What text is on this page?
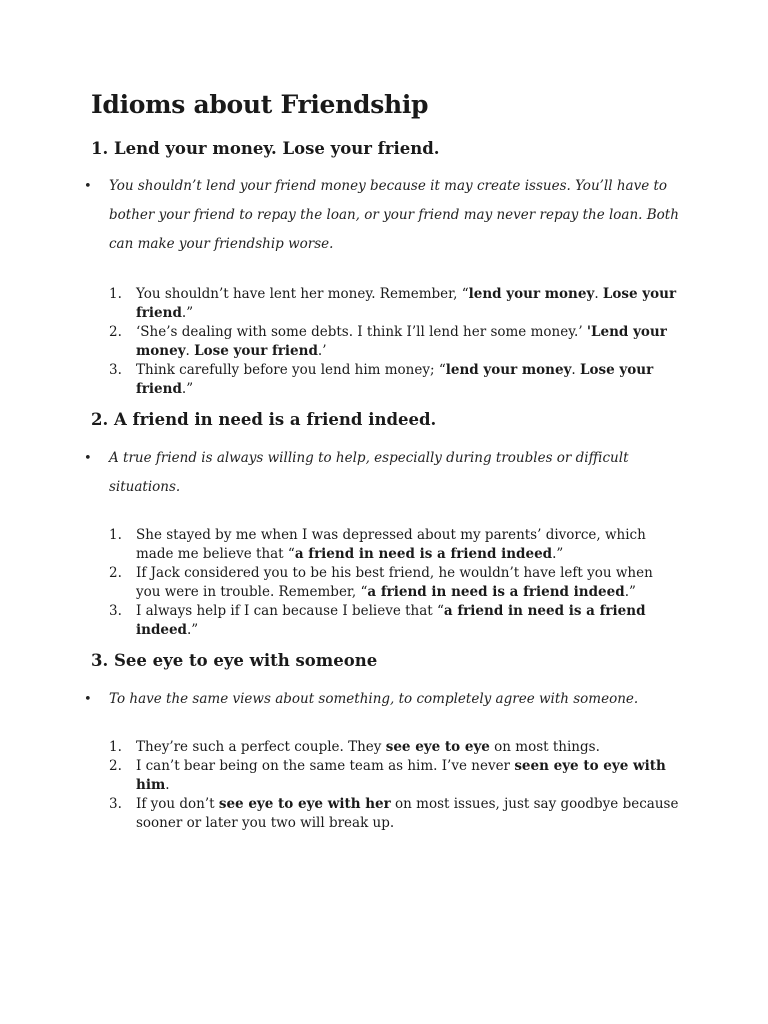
Idioms about Friendship
1. Lend your money. Lose your friend.
• You shouldn’t lend your friend money because it may create issues. You’ll have to bother your friend to repay the loan, or your friend may never repay the loan. Both can make your friendship worse.
1. You shouldn’t have lent her money. Remember, “lend your money. Lose your friend.”
2. ‘She’s dealing with some debts. I think I’ll lend her some money.’ 'Lend your money. Lose your friend.’
3. Think carefully before you lend him money; “lend your money. Lose your friend.”
2. A friend in need is a friend indeed.
• A true friend is always willing to help, especially during troubles or difficult situations.
1. She stayed by me when I was depressed about my parents’ divorce, which made me believe that “a friend in need is a friend indeed.”
2. If Jack considered you to be his best friend, he wouldn’t have left you when you were in trouble. Remember, “a friend in need is a friend indeed.”
3. I always help if I can because I believe that “a friend in need is a friend indeed.”
3. See eye to eye with someone
• To have the same views about something, to completely agree with someone.
1. They’re such a perfect couple. They see eye to eye on most things.
2. I can’t bear being on the same team as him. I’ve never seen eye to eye with him.
3. If you don’t see eye to eye with her on most issues, just say goodbye because sooner or later you two will break up.
